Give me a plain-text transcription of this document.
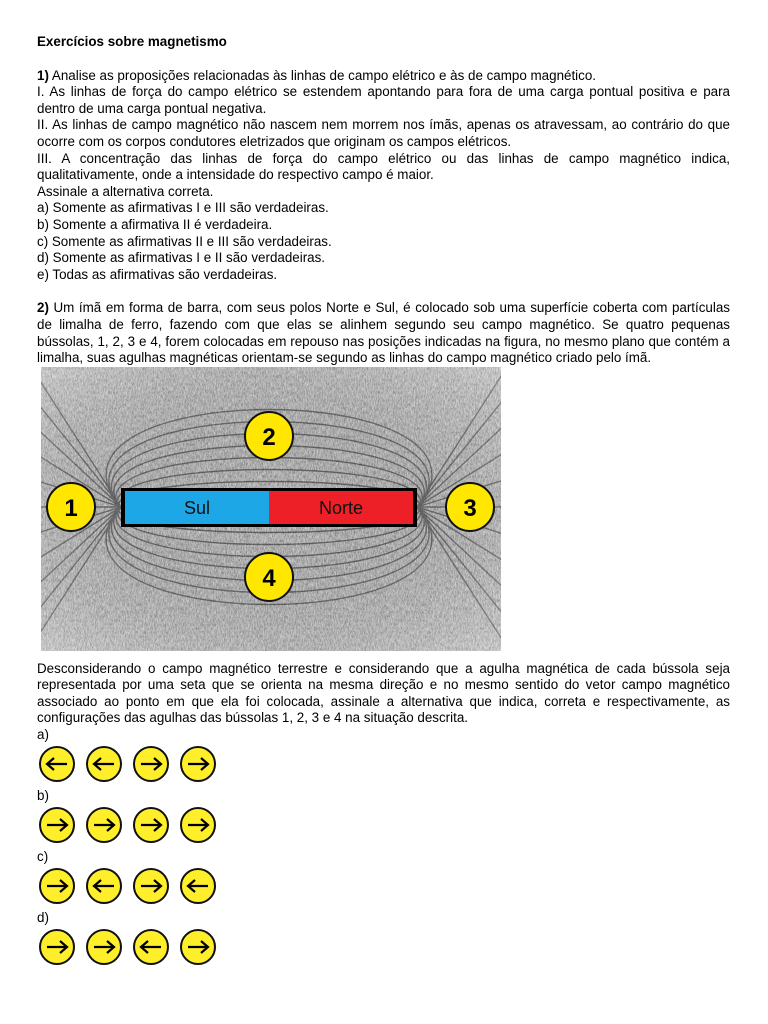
Exercícios sobre magnetismo

1) Analise as proposições relacionadas às linhas de campo elétrico e às de campo magnético.

I. As linhas de força do campo elétrico se estendem apontando para fora de uma carga pontual positiva e para dentro de uma carga pontual negativa.

II. As linhas de campo magnético não nascem nem morrem nos ímãs, apenas os atravessam, ao contrário do que ocorre com os corpos condutores eletrizados que originam os campos elétricos.

III. A concentração das linhas de força do campo elétrico ou das linhas de campo magnético indica, qualitativamente, onde a intensidade do respectivo campo é maior.

Assinale a alternativa correta.

a) Somente as afirmativas I e III são verdadeiras.

b) Somente a afirmativa II é verdadeira.

c) Somente as afirmativas II e III são verdadeiras.

d) Somente as afirmativas I e II são verdadeiras.

e) Todas as afirmativas são verdadeiras.

2) Um ímã em forma de barra, com seus polos Norte e Sul, é colocado sob uma superfície coberta com partículas de limalha de ferro, fazendo com que elas se alinhem segundo seu campo magnético. Se quatro pequenas bússolas, 1, 2, 3 e 4, forem colocadas em repouso nas posições indicadas na figura, no mesmo plano que contém a limalha, suas agulhas magnéticas orientam-se segundo as linhas do campo magnético criado pelo ímã.

Sul	Norte
1
2
3
4

Desconsiderando o campo magnético terrestre e considerando que a agulha magnética de cada bússola seja representada por uma seta que se orienta na mesma direção e no mesmo sentido do vetor campo magnético associado ao ponto em que ela foi colocada, assinale a alternativa que indica, correta e respectivamente, as configurações das agulhas das bússolas 1, 2, 3 e 4 na situação descrita.

a)

b)

c)

d)
